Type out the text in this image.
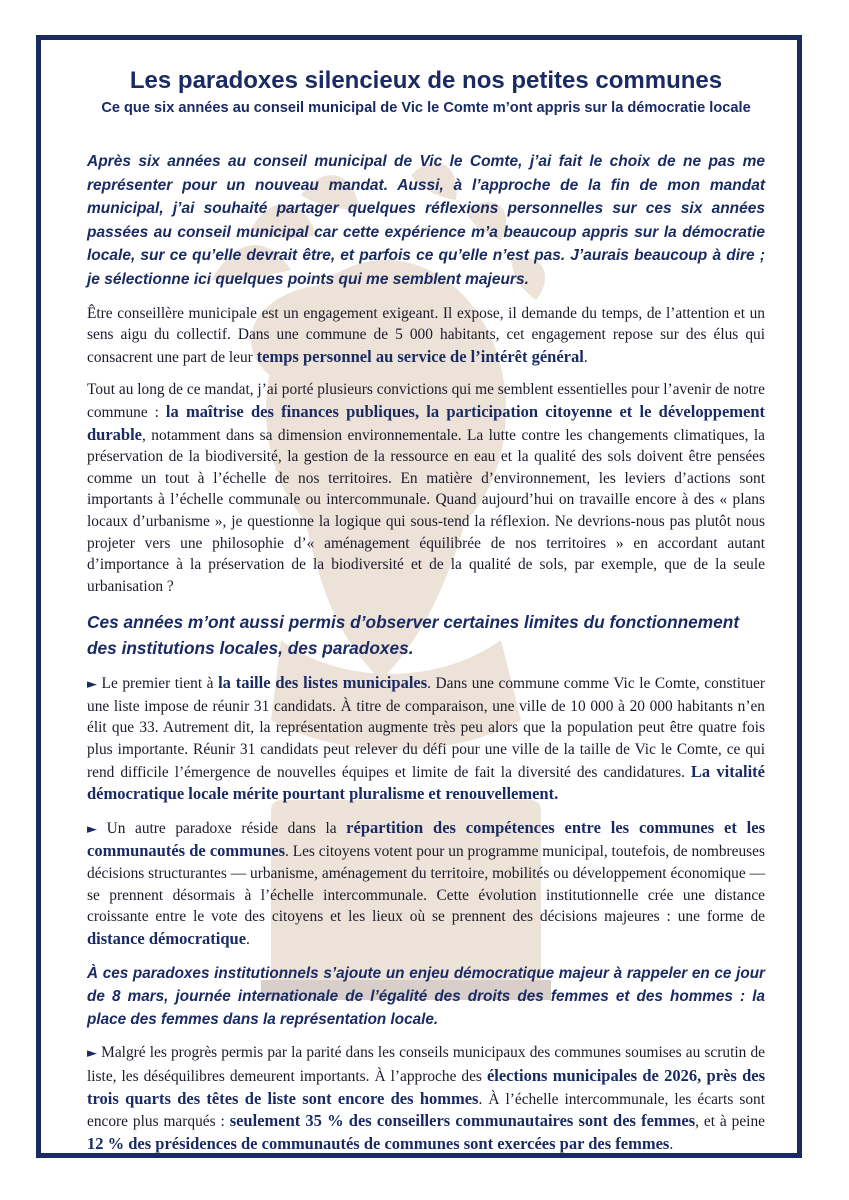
Les paradoxes silencieux de nos petites communes
Ce que six années au conseil municipal de Vic le Comte m’ont appris sur la démocratie locale

Après six années au conseil municipal de Vic le Comte, j’ai fait le choix de ne pas me représenter pour un nouveau mandat. Aussi, à l’approche de la fin de mon mandat municipal, j’ai souhaité partager quelques réflexions personnelles sur ces six années passées au conseil municipal car cette expérience m’a beaucoup appris sur la démocratie locale, sur ce qu’elle devrait être, et parfois ce qu’elle n’est pas. J’aurais beaucoup à dire ; je sélectionne ici quelques points qui me semblent majeurs.

Être conseillère municipale est un engagement exigeant. Il expose, il demande du temps, de l’attention et un sens aigu du collectif. Dans une commune de 5 000 habitants, cet engagement repose sur des élus qui consacrent une part de leur temps personnel au service de l’intérêt général.

Tout au long de ce mandat, j’ai porté plusieurs convictions qui me semblent essentielles pour l’avenir de notre commune : la maîtrise des finances publiques, la participation citoyenne et le développement durable, notamment dans sa dimension environnementale. La lutte contre les changements climatiques, la préservation de la biodiversité, la gestion de la ressource en eau et la qualité des sols doivent être pensées comme un tout à l’échelle de nos territoires. En matière d’environnement, les leviers d’actions sont importants à l’échelle communale ou intercommunale. Quand aujourd’hui on travaille encore à des « plans locaux d’urbanisme », je questionne la logique qui sous-tend la réflexion. Ne devrions-nous pas plutôt nous projeter vers une philosophie d’« aménagement équilibrée de nos territoires » en accordant autant d’importance à la préservation de la biodiversité et de la qualité de sols, par exemple, que de la seule urbanisation ?

Ces années m’ont aussi permis d’observer certaines limites du fonctionnement des institutions locales, des paradoxes.

► Le premier tient à la taille des listes municipales. Dans une commune comme Vic le Comte, constituer une liste impose de réunir 31 candidats. À titre de comparaison, une ville de 10 000 à 20 000 habitants n’en élit que 33. Autrement dit, la représentation augmente très peu alors que la population peut être quatre fois plus importante. Réunir 31 candidats peut relever du défi pour une ville de la taille de Vic le Comte, ce qui rend difficile l’émergence de nouvelles équipes et limite de fait la diversité des candidatures. La vitalité démocratique locale mérite pourtant pluralisme et renouvellement.

► Un autre paradoxe réside dans la répartition des compétences entre les communes et les communautés de communes. Les citoyens votent pour un programme municipal, toutefois, de nombreuses décisions structurantes — urbanisme, aménagement du territoire, mobilités ou développement économique — se prennent désormais à l’échelle intercommunale. Cette évolution institutionnelle crée une distance croissante entre le vote des citoyens et les lieux où se prennent des décisions majeures : une forme de distance démocratique.

À ces paradoxes institutionnels s’ajoute un enjeu démocratique majeur à rappeler en ce jour de 8 mars, journée internationale de l’égalité des droits des femmes et des hommes : la place des femmes dans la représentation locale.

► Malgré les progrès permis par la parité dans les conseils municipaux des communes soumises au scrutin de liste, les déséquilibres demeurent importants. À l’approche des élections municipales de 2026, près des trois quarts des têtes de liste sont encore des hommes. À l’échelle intercommunale, les écarts sont encore plus marqués : seulement 35 % des conseillers communautaires sont des femmes, et à peine 12 % des présidences de communautés de communes sont exercées par des femmes.
